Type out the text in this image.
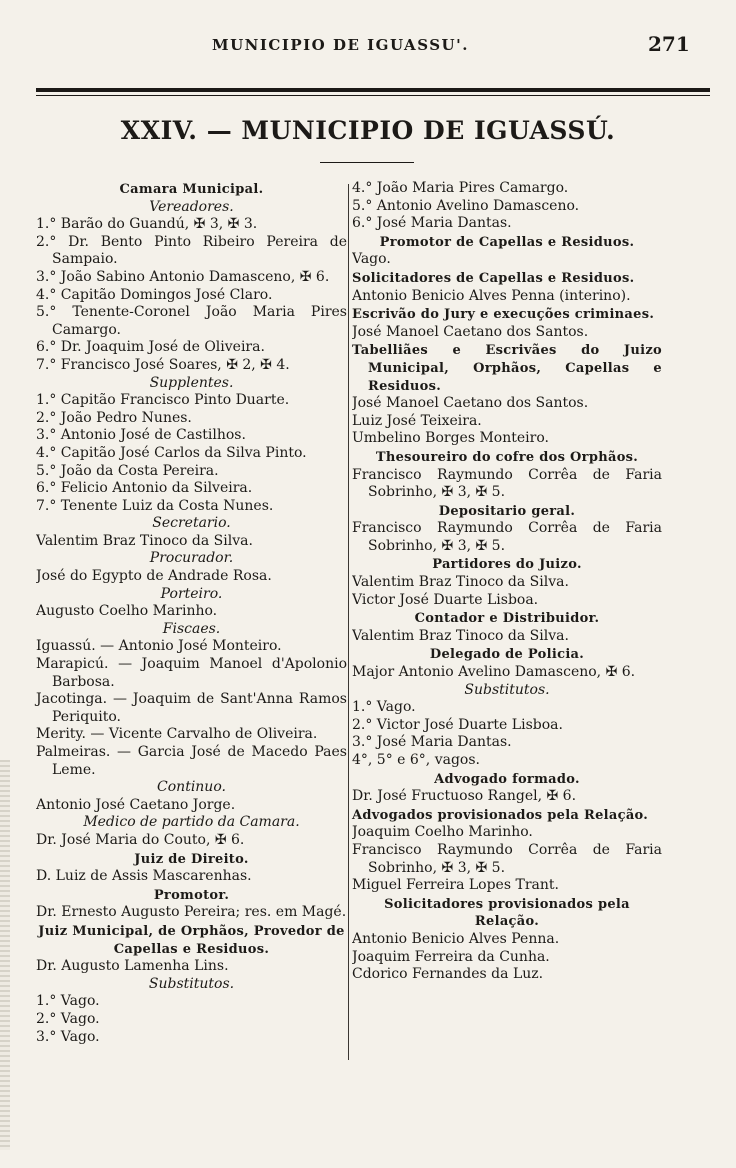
MUNICIPIO DE IGUASSU'.	271
XXIV. — MUNICIPIO DE IGUASSÚ.
Camara Municipal.
Vereadores.
1.° Barão do Guandú, ✠ 3, ✠ 3.
2.° Dr. Bento Pinto Ribeiro Pereira de Sampaio.
3.° João Sabino Antonio Damasceno, ✠ 6.
4.° Capitão Domingos José Claro.
5.° Tenente-Coronel João Maria Pires Camargo.
6.° Dr. Joaquim José de Oliveira.
7.° Francisco José Soares, ✠ 2, ✠ 4.
Supplentes.
1.° Capitão Francisco Pinto Duarte.
2.° João Pedro Nunes.
3.° Antonio José de Castilhos.
4.° Capitão José Carlos da Silva Pinto.
5.° João da Costa Pereira.
6.° Felicio Antonio da Silveira.
7.° Tenente Luiz da Costa Nunes.
Secretario.
Valentim Braz Tinoco da Silva.
Procurador.
José do Egypto de Andrade Rosa.
Porteiro.
Augusto Coelho Marinho.
Fiscaes.
Iguassú. — Antonio José Monteiro.
Marapicú. — Joaquim Manoel d'Apolonio Barbosa.
Jacotinga. — Joaquim de Sant'Anna Ramos Periquito.
Merity. — Vicente Carvalho de Oliveira.
Palmeiras. — Garcia José de Macedo Paes Leme.
Continuo.
Antonio José Caetano Jorge.
Medico de partido da Camara.
Dr. José Maria do Couto, ✠ 6.
Juiz de Direito.
D. Luiz de Assis Mascarenhas.
Promotor.
Dr. Ernesto Augusto Pereira; res. em Magé.
Juiz Municipal, de Orphãos, Provedor de Capellas e Residuos.
Dr. Augusto Lamenha Lins.
Substitutos.
1.° Vago.
2.° Vago.
3.° Vago.
4.° João Maria Pires Camargo.
5.° Antonio Avelino Damasceno.
6.° José Maria Dantas.
Promotor de Capellas e Residuos.
Vago.
Solicitadores de Capellas e Residuos.
Antonio Benicio Alves Penna (interino).
Escrivão do Jury e execuções criminaes.
José Manoel Caetano dos Santos.
Tabelliães e Escrivães do Juizo Municipal, Orphãos, Capellas e Residuos.
José Manoel Caetano dos Santos.
Luiz José Teixeira.
Umbelino Borges Monteiro.
Thesoureiro do cofre dos Orphãos.
Francisco Raymundo Corrêa de Faria Sobrinho, ✠ 3, ✠ 5.
Depositario geral.
Francisco Raymundo Corrêa de Faria Sobrinho, ✠ 3, ✠ 5.
Partidores do Juizo.
Valentim Braz Tinoco da Silva.
Victor José Duarte Lisboa.
Contador e Distribuidor.
Valentim Braz Tinoco da Silva.
Delegado de Policia.
Major Antonio Avelino Damasceno, ✠ 6.
Substitutos.
1.° Vago.
2.° Victor José Duarte Lisboa.
3.° José Maria Dantas.
4°, 5° e 6°, vagos.
Advogado formado.
Dr. José Fructuoso Rangel, ✠ 6.
Advogados provisionados pela Relação.
Joaquim Coelho Marinho.
Francisco Raymundo Corrêa de Faria Sobrinho, ✠ 3, ✠ 5.
Miguel Ferreira Lopes Trant.
Solicitadores provisionados pela Relação.
Antonio Benicio Alves Penna.
Joaquim Ferreira da Cunha.
Cdorico Fernandes da Luz.
